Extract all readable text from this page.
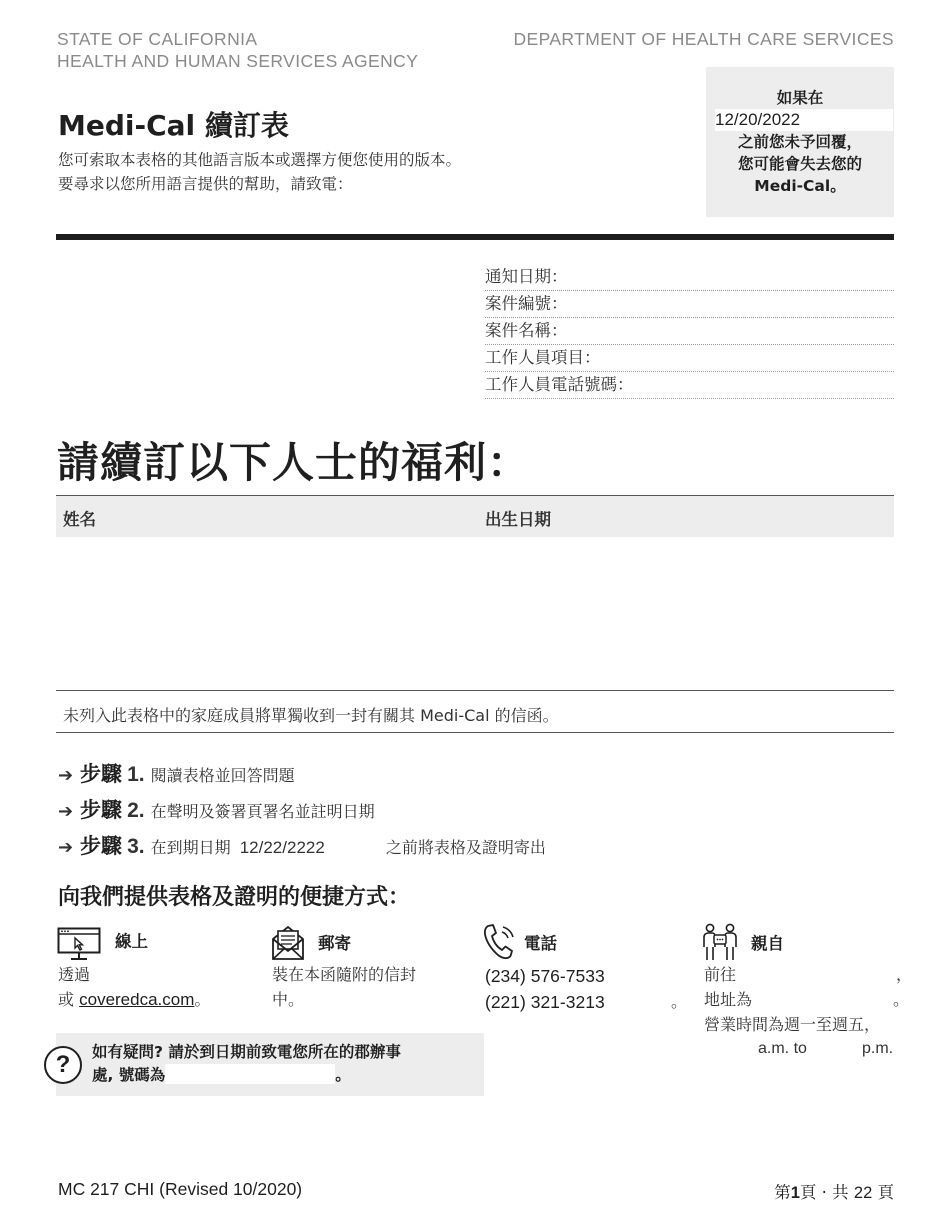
STATE OF CALIFORNIA
HEALTH AND HUMAN SERVICES AGENCY
DEPARTMENT OF HEALTH CARE SERVICES
Medi-Cal 續訂表
您可索取本表格的其他語言版本或選擇方便您使用的版本。
要尋求以您所用語言提供的幫助，請致電：
如果在
12/20/2022
之前您未予回覆，
您可能會失去您的
Medi-Cal。
通知日期：
案件編號：
案件名稱：
工作人員項目：
工作人員電話號碼：
請續訂以下人士的福利：
姓名	出生日期
未列入此表格中的家庭成員將單獨收到一封有關其 Medi-Cal 的信函。
➔ 步驟 1. 閱讀表格並回答問題
➔ 步驟 2. 在聲明及簽署頁署名並註明日期
➔ 步驟 3. 在到期日期 12/22/2222	之前將表格及證明寄出
向我們提供表格及證明的便捷方式：
線上
透過
或 coveredca.com。
郵寄
裝在本函隨附的信封
中。
電話
(234) 576-7533
(221) 321-3213	。
親自
前往	，
地址為	。
營業時間為週一至週五，
a.m. to	p.m.
?	如有疑問? 請於到日期前致電您所在的郡辦事
處, 號碼為	。
MC 217 CHI (Revised 10/2020)	第1頁 · 共 22 頁
